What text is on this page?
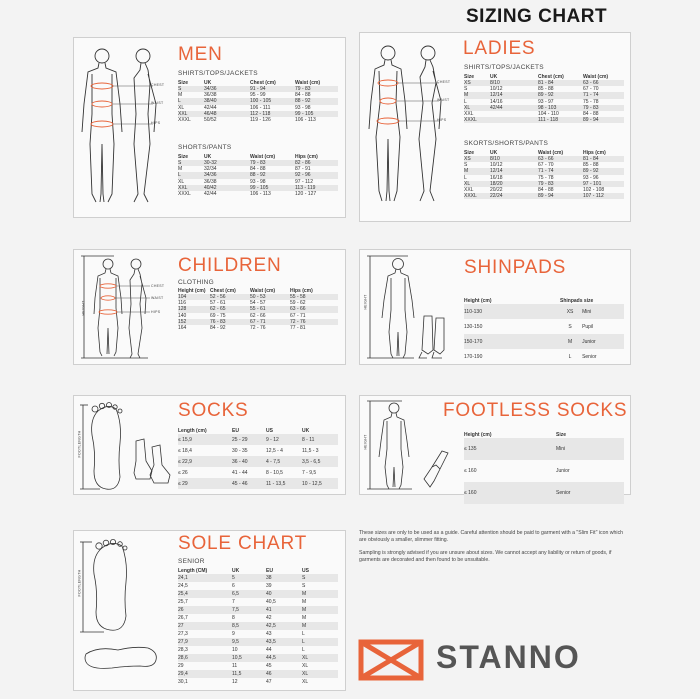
SIZING CHART
CHEST
WAIST
HIPS
MEN
SHIRTS/TOPS/JACKETS
Size	UK	Chest (cm)	Waist (cm)
S	34/36	91 - 94	79 - 83
M	36/38	95 - 99	84 - 88
L	38/40	100 - 105	88 - 92
XL	42/44	106 - 111	93 - 98
XXL	46/48	112 - 118	99 - 105
XXXL	50/52	119 - 126	106 - 113
SHORTS/PANTS
Size	UK	Waist (cm)	Hips (cm)
S	30-32	79 - 83	82 - 86
M	32/34	84 - 88	87 - 91
L	34/36	88 - 92	92 - 96
XL	36/38	93 - 98	97 - 112
XXL	40/42	99 - 105	113 - 119
XXXL	42/44	106 - 113	120 - 127
CHEST
WAIST
HIPS
LADIES
SHIRTS/TOPS/JACKETS
Size	UK	Chest (cm)	Waist (cm)
XS	8/10	81 - 84	63 - 66
S	10/12	85 - 88	67 - 70
M	12/14	89 - 92	71 - 74
L	14/16	93 - 97	75 - 78
XL	42/44	98 - 103	79 - 83
XXL		104 - 110	84 - 88
XXXL		111 - 118	89 - 94
SKORTS/SHORTS/PANTS
Size	UK	Waist (cm)	Hips (cm)
XS	8/10	63 - 66	81 - 84
S	10/12	67 - 70	85 - 88
M	12/14	71 - 74	89 - 92
L	16/18	75 - 78	93 - 96
XL	18/20	79 - 83	97 - 101
XXL	20/22	84 - 88	102 - 108
XXXL	22/24	89 - 94	107 - 112
HEIGHT
CHEST
WAIST
HIPS
CHILDREN
CLOTHING
Height (cm)	Chest (cm)	Waist (cm)	Hips (cm)
104	52 - 56	50 - 53	55 - 58
116	57 - 61	54 - 57	59 - 62
128	62 - 65	55 - 61	63 - 66
140	69 - 75	62 - 66	67 - 71
152	76 - 83	67 - 71	72 - 76
164	84 - 92	72 - 76	77 - 81
HEIGHT
SHINPADS
Height (cm)	Shinpads size	
110-130	XS	Mini
130-150	S	Pupil
150-170	M	Junior
170-190	L	Senior
FOOTLENGTH
SOCKS
Length (cm)	EU	US	UK
≤ 15,9	25 - 29	9 - 12	8 - 11
≤ 18,4	30 - 35	12,5 - 4	11,5 - 3
≤ 22,9	36 - 40	4 - 7,5	3,5 - 6,5
≤ 26	41 - 44	8 - 10,5	7 - 9,5
≤ 29	45 - 46	11 - 13,5	10 - 12,5
HEIGHT
FOOTLESS SOCKS
Height (cm)	Size
≤ 135	Mini
≤ 160	Junior
≤ 160	Senior
FOOTLENGTH
SOLE CHART
SENIOR
Length (CM)	UK	EU	US
24,1	5	38	S
24,5	6	39	S
25,4	6,5	40	M
25,7	7	40,5	M
26	7,5	41	M
26,7	8	42	M
27	8,5	42,5	M
27,3	9	43	L
27,9	9,5	43,5	L
28,3	10	44	L
28,6	10,5	44,5	XL
29	11	45	XL
29,4	11,5	46	XL
30,1	12	47	XL
These sizes are only to be used as a guide. Careful attention should be paid to garment with a "Slim Fit" icon which are obviously a smaller, slimmer fitting.
Sampling is strongly advised if you are unsure about sizes. We cannot accept any liability or return of goods, if garments are decorated and then found to be unsuitable.
STANNO
